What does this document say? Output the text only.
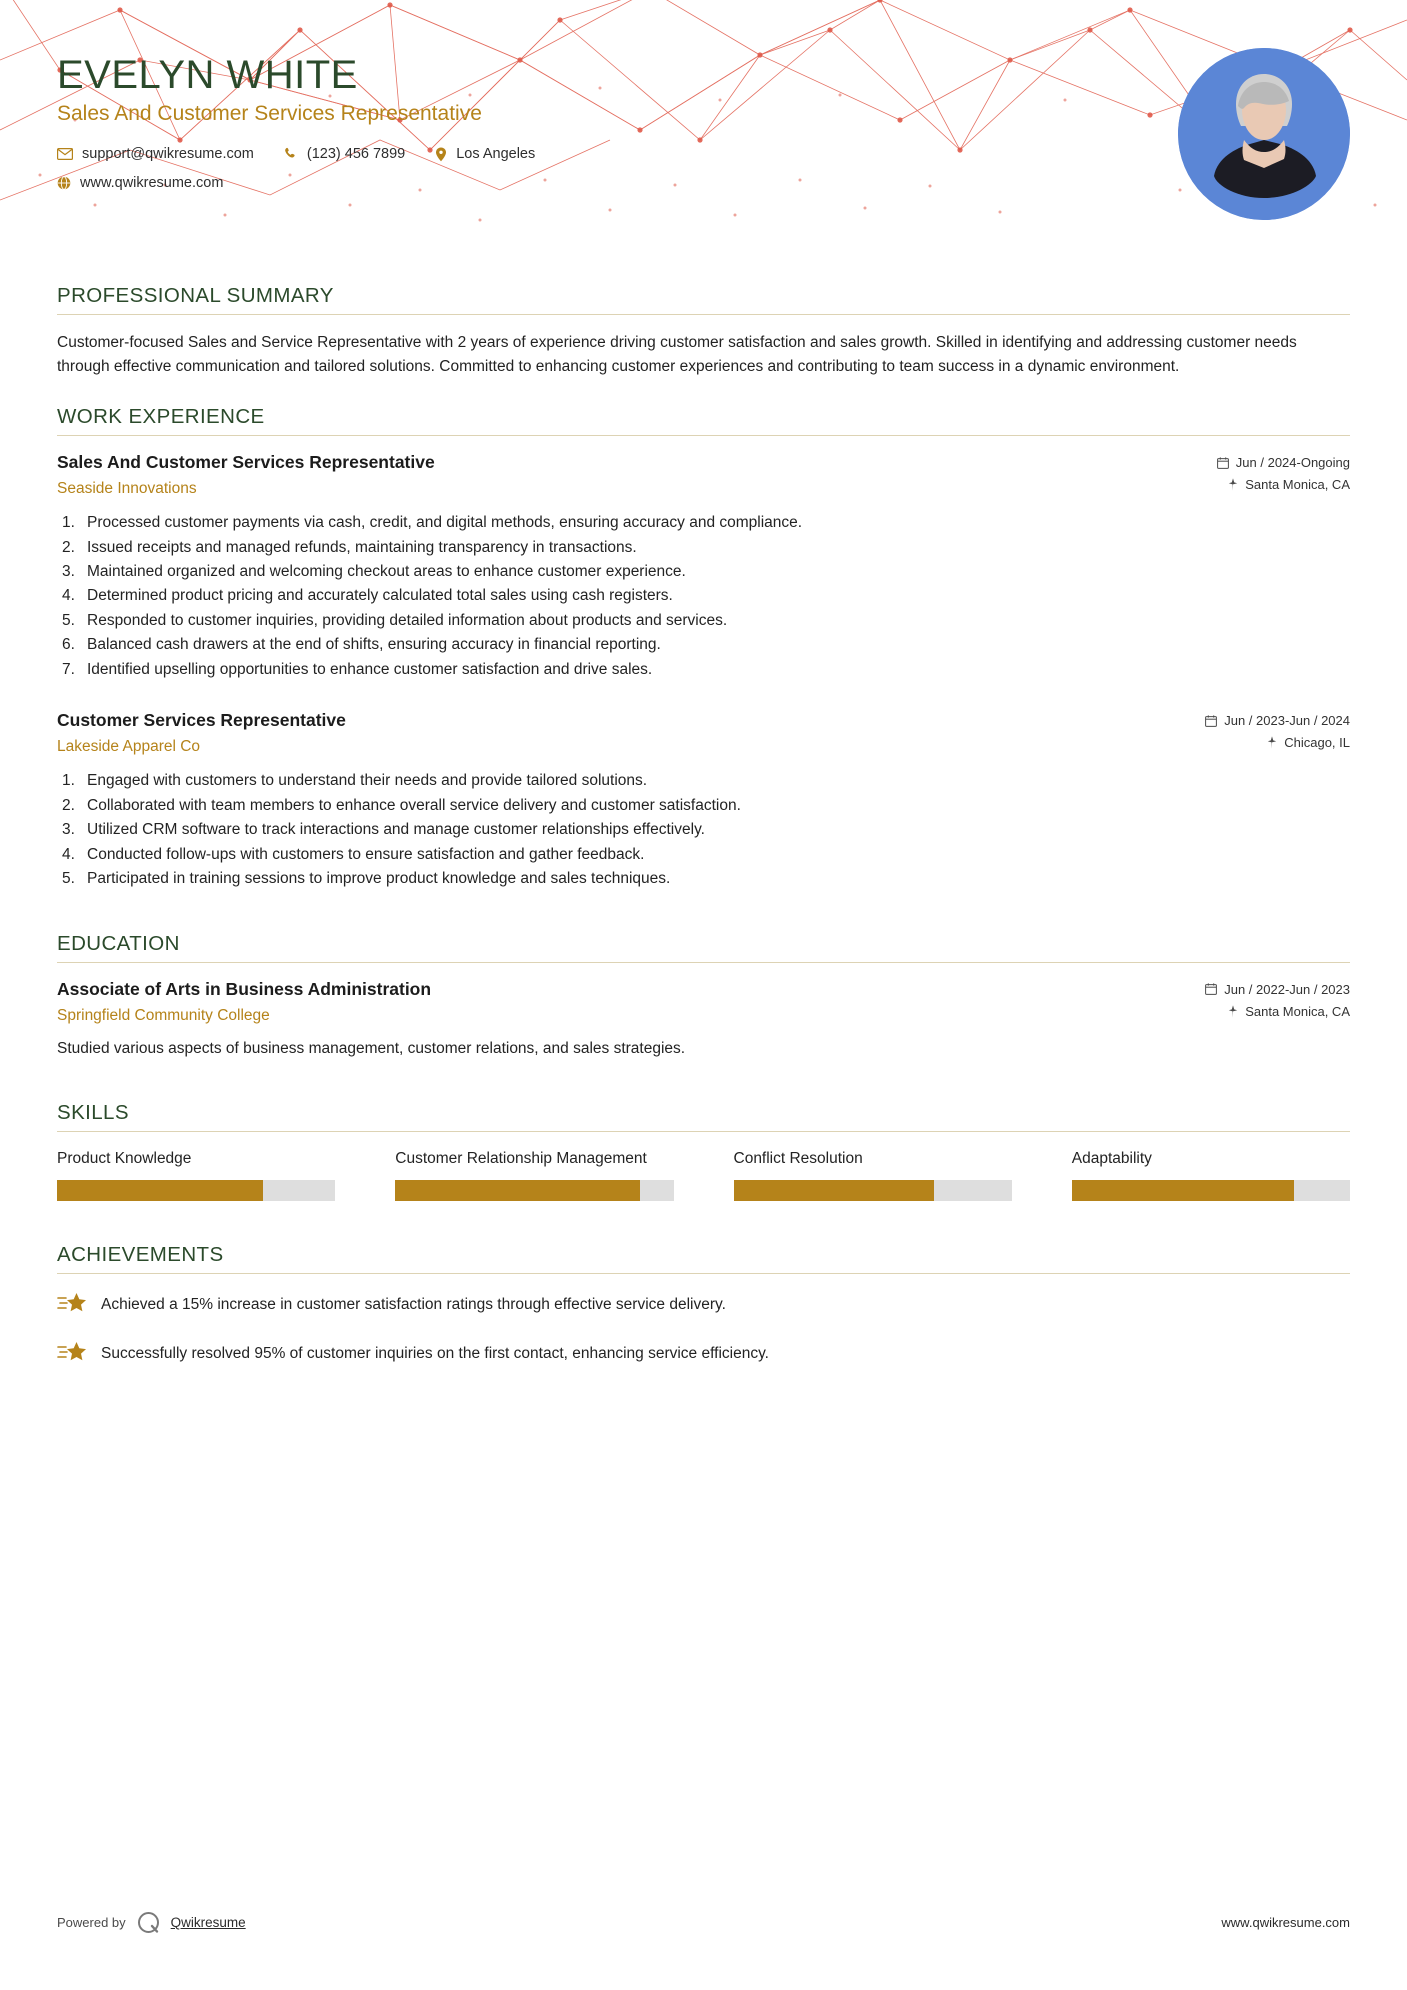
EVELYN WHITE
Sales And Customer Services Representative
support@qwikresume.com	(123) 456 7899	Los Angeles
www.qwikresume.com
PROFESSIONAL SUMMARY

Customer-focused Sales and Service Representative with 2 years of experience driving customer satisfaction and sales growth. Skilled in identifying and addressing customer needs through effective communication and tailored solutions. Committed to enhancing customer experiences and contributing to team success in a dynamic environment.

WORK EXPERIENCE
Sales And Customer Services Representative
Seaside Innovations
Jun / 2024-Ongoing
Santa Monica, CA
1. Processed customer payments via cash, credit, and digital methods, ensuring accuracy and compliance.
2. Issued receipts and managed refunds, maintaining transparency in transactions.
3. Maintained organized and welcoming checkout areas to enhance customer experience.
4. Determined product pricing and accurately calculated total sales using cash registers.
5. Responded to customer inquiries, providing detailed information about products and services.
6. Balanced cash drawers at the end of shifts, ensuring accuracy in financial reporting.
7. Identified upselling opportunities to enhance customer satisfaction and drive sales.
Customer Services Representative
Lakeside Apparel Co
Jun / 2023-Jun / 2024
Chicago, IL
1. Engaged with customers to understand their needs and provide tailored solutions.
2. Collaborated with team members to enhance overall service delivery and customer satisfaction.
3. Utilized CRM software to track interactions and manage customer relationships effectively.
4. Conducted follow-ups with customers to ensure satisfaction and gather feedback.
5. Participated in training sessions to improve product knowledge and sales techniques.
EDUCATION
Associate of Arts in Business Administration
Springfield Community College
Jun / 2022-Jun / 2023
Santa Monica, CA

Studied various aspects of business management, customer relations, and sales strategies.

SKILLS
Product Knowledge	Customer Relationship Management	Conflict Resolution	Adaptability
ACHIEVEMENTS
Achieved a 15% increase in customer satisfaction ratings through effective service delivery.
Successfully resolved 95% of customer inquiries on the first contact, enhancing service efficiency.
Powered by	Qwikresume	www.qwikresume.com
